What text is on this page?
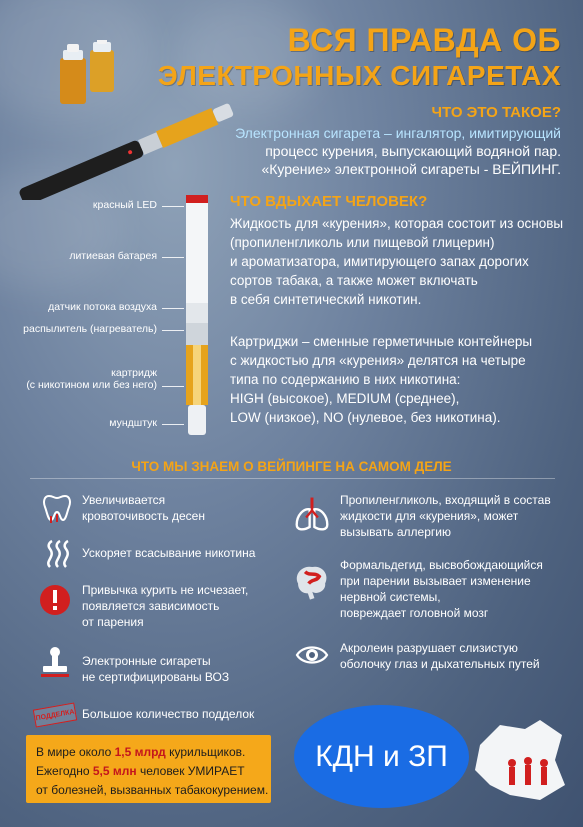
ВСЯ ПРАВДА ОБ
ЭЛЕКТРОННЫХ СИГАРЕТАХ
ЧТО ЭТО ТАКОЕ?
Электронная сигарета – ингалятор, имитирующий
процесс курения, выпускающий водяной пар.
«Курение» электронной сигареты - ВЕЙПИНГ.
красный LED
литиевая батарея
датчик потока воздуха
распылитель (нагреватель)
картридж
(с никотином или без него)
мундштук
ЧТО ВДЫХАЕТ ЧЕЛОВЕК?
Жидкость для «курения», которая состоит из основы
(пропиленгликоль или пищевой глицерин)
и ароматизатора, имитирующего запах дорогих
сортов табака, а также может включать
в себя синтетический никотин.
Картриджи – сменные герметичные контейнеры
с жидкостью для «курения» делятся на четыре
типа по содержанию в них никотина:
HIGH (высокое), MEDIUM (среднее),
LOW (низкое), NO (нулевое, без никотина).
ЧТО МЫ ЗНАЕМ О ВЕЙПИНГЕ НА САМОМ ДЕЛЕ
Увеличивается
кровоточивость десен
Ускоряет всасывание никотина
Привычка курить не исчезает,
появляется зависимость
от парения
Электронные сигареты
не сертифицированы ВОЗ
ПОДДЕЛКА Большое количество подделок
Пропиленгликоль, входящий в состав
жидкости для «курения», может
вызывать аллергию
Формальдегид, высвобождающийся
при парении вызывает изменение
нервной системы,
повреждает головной мозг
Акролеин разрушает слизистую
оболочку глаз и дыхательных путей
В мире около 1,5 млрд курильщиков.
Ежегодно 5,5 млн человек УМИРАЕТ
от болезней, вызванных табакокурением.
КДН и ЗП
